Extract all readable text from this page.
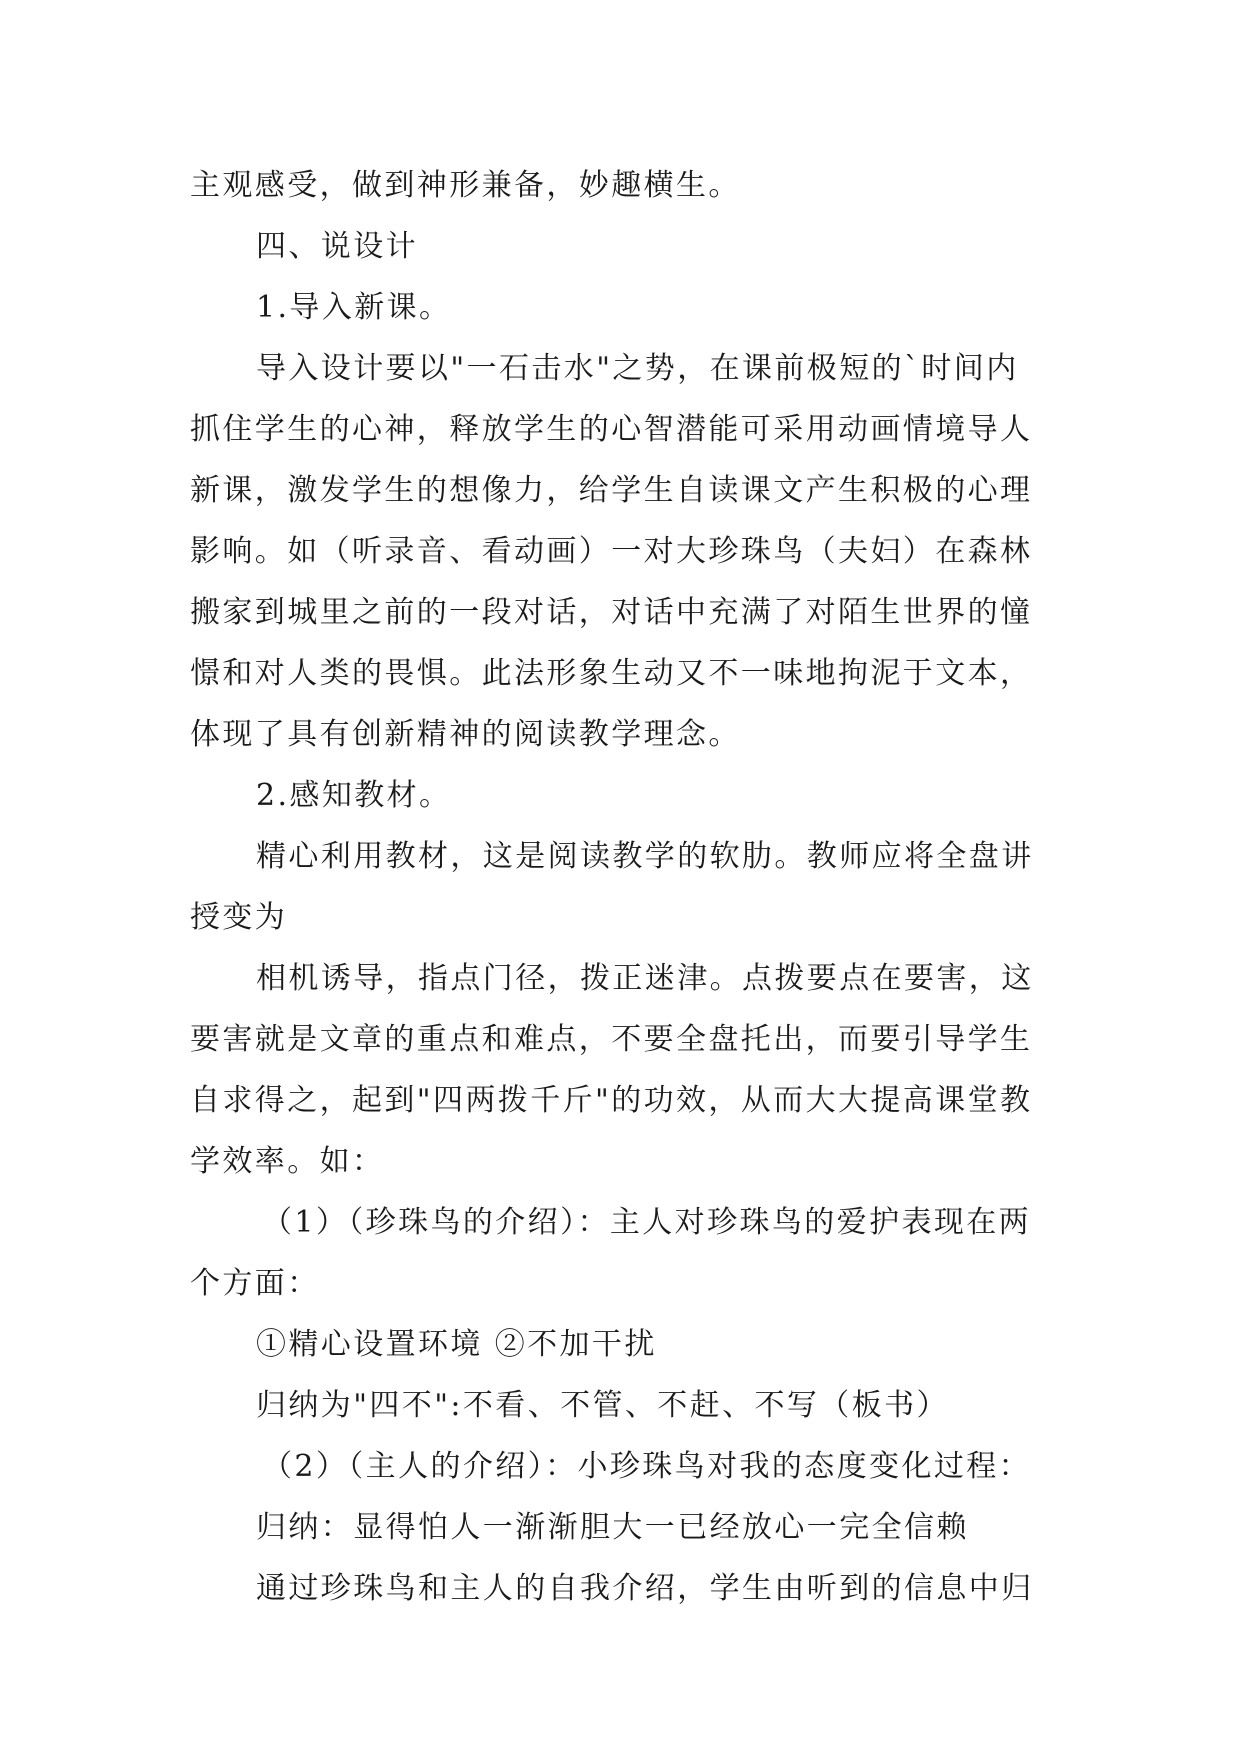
主观感受，做到神形兼备，妙趣横生。
四、说设计
1.导入新课。
导入设计要以"一石击水"之势，在课前极短的`时间内
抓住学生的心神，释放学生的心智潜能可采用动画情境导人
新课，激发学生的想像力，给学生自读课文产生积极的心理
影响。如（听录音、看动画）一对大珍珠鸟（夫妇）在森林
搬家到城里之前的一段对话，对话中充满了对陌生世界的憧
憬和对人类的畏惧。此法形象生动又不一味地拘泥于文本，
体现了具有创新精神的阅读教学理念。
2.感知教材。
精心利用教材，这是阅读教学的软肋。教师应将全盘讲
授变为
相机诱导，指点门径，拨正迷津。点拨要点在要害，这
要害就是文章的重点和难点，不要全盘托出，而要引导学生
自求得之，起到"四两拨千斤"的功效，从而大大提高课堂教
学效率。如：
（1）（珍珠鸟的介绍）：主人对珍珠鸟的爱护表现在两
个方面：
①精心设置环境 ②不加干扰
归纳为"四不":不看、不管、不赶、不写（板书）
（2）（主人的介绍）：小珍珠鸟对我的态度变化过程：
归纳：显得怕人一渐渐胆大一已经放心一完全信赖
通过珍珠鸟和主人的自我介绍，学生由听到的信息中归
